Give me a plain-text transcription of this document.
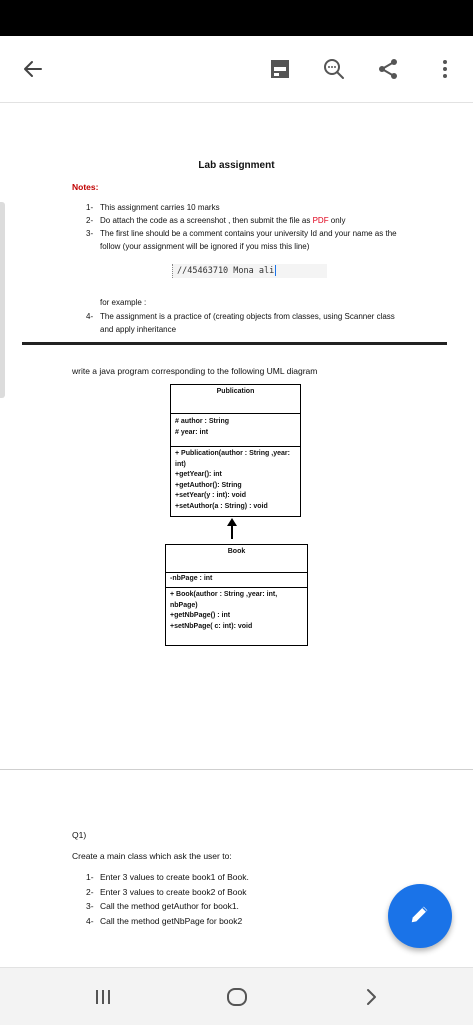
Lab assignment
Notes:
1- This assignment carries 10 marks
2- Do attach the code as a screenshot , then submit the file as PDF only
3- The first line should be a comment contains your university Id and your name as the follow (your assignment will be ignored if you miss this line)
//45463710 Mona ali
for example :
4- The assignment is a practice of (creating objects from classes, using Scanner class and apply inheritance
write a java program corresponding to the following UML diagram
Publication
# author : String
# year: int
+ Publication(author : String ,year: int)
+getYear(): int
+getAuthor(): String
+setYear(y : int): void
+setAuthor(a : String) : void
Book
-nbPage : int
+ Book(author : String ,year: int, nbPage)
+getNbPage() : int
+setNbPage( c: int): void
Q1)
Create a main class which ask the user to:
1- Enter 3 values to create book1 of Book.
2- Enter 3 values to create book2 of Book
3- Call the method getAuthor for book1.
4- Call the method getNbPage for book2
